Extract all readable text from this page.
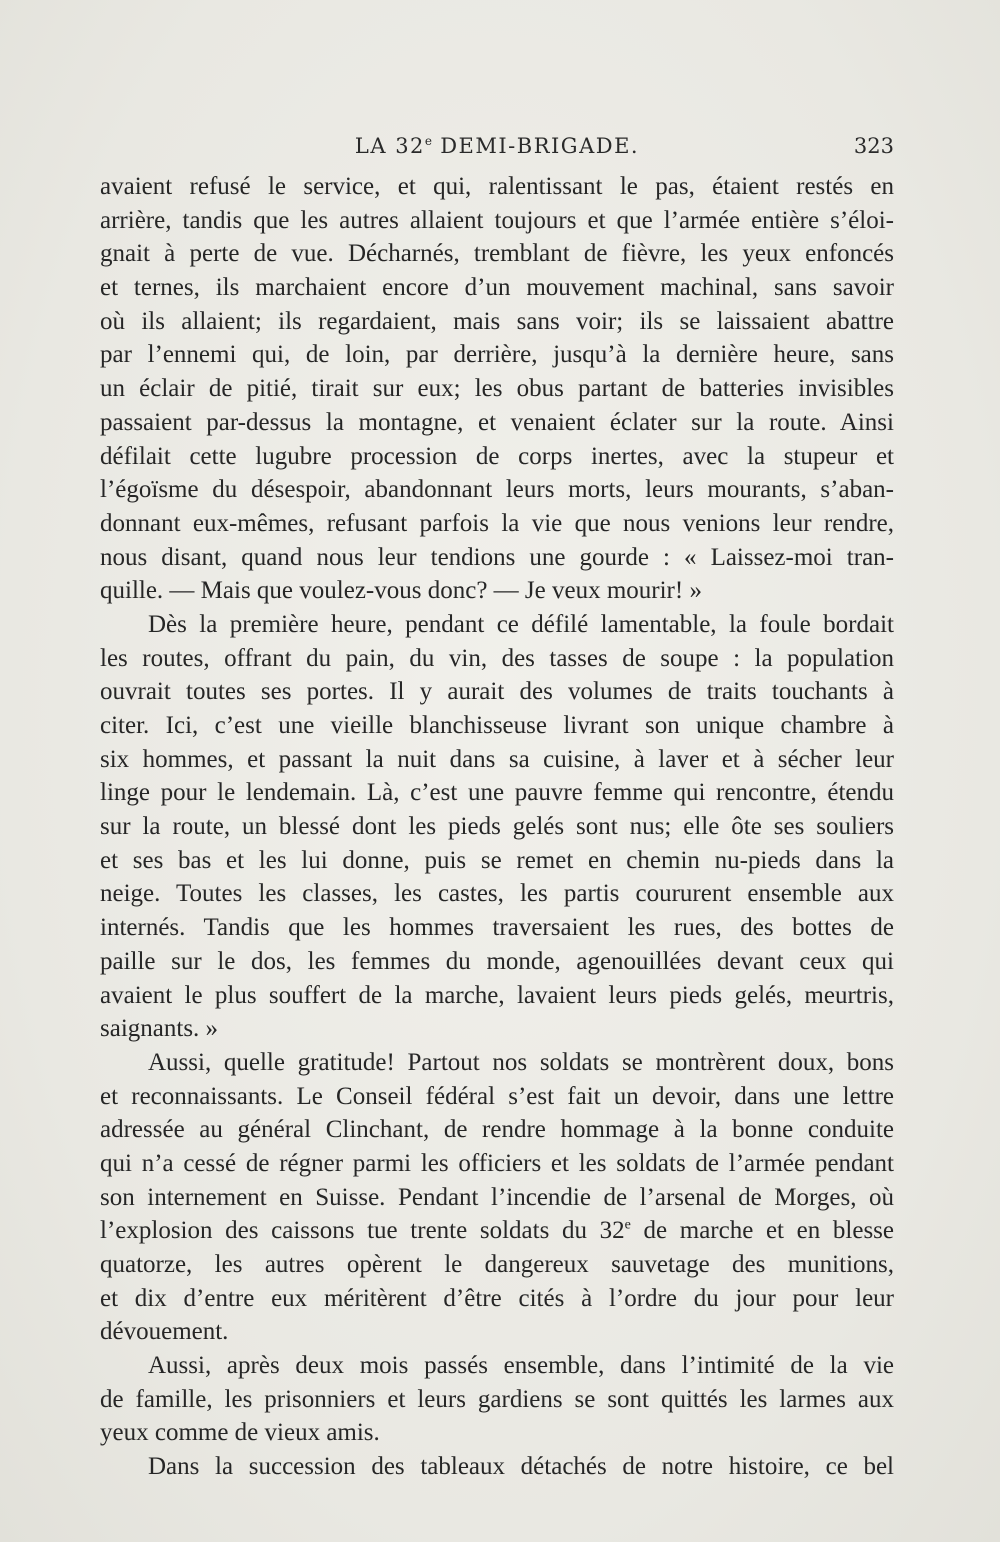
LA 32e DEMI-BRIGADE.	323
avaient refusé le service, et qui, ralentissant le pas, étaient restés en
arrière, tandis que les autres allaient toujours et que l’armée entière s’éloi-
gnait à perte de vue. Décharnés, tremblant de fièvre, les yeux enfoncés
et ternes, ils marchaient encore d’un mouvement machinal, sans savoir
où ils allaient; ils regardaient, mais sans voir; ils se laissaient abattre
par l’ennemi qui, de loin, par derrière, jusqu’à la dernière heure, sans
un éclair de pitié, tirait sur eux; les obus partant de batteries invisibles
passaient par-dessus la montagne, et venaient éclater sur la route. Ainsi
défilait cette lugubre procession de corps inertes, avec la stupeur et
l’égoïsme du désespoir, abandonnant leurs morts, leurs mourants, s’aban-
donnant eux-mêmes, refusant parfois la vie que nous venions leur rendre,
nous disant, quand nous leur tendions une gourde : « Laissez-moi tran-
quille. — Mais que voulez-vous donc? — Je veux mourir! »
Dès la première heure, pendant ce défilé lamentable, la foule bordait
les routes, offrant du pain, du vin, des tasses de soupe : la population
ouvrait toutes ses portes. Il y aurait des volumes de traits touchants à
citer. Ici, c’est une vieille blanchisseuse livrant son unique chambre à
six hommes, et passant la nuit dans sa cuisine, à laver et à sécher leur
linge pour le lendemain. Là, c’est une pauvre femme qui rencontre, étendu
sur la route, un blessé dont les pieds gelés sont nus; elle ôte ses souliers
et ses bas et les lui donne, puis se remet en chemin nu-pieds dans la
neige. Toutes les classes, les castes, les partis coururent ensemble aux
internés. Tandis que les hommes traversaient les rues, des bottes de
paille sur le dos, les femmes du monde, agenouillées devant ceux qui
avaient le plus souffert de la marche, lavaient leurs pieds gelés, meurtris,
saignants. »
Aussi, quelle gratitude! Partout nos soldats se montrèrent doux, bons
et reconnaissants. Le Conseil fédéral s’est fait un devoir, dans une lettre
adressée au général Clinchant, de rendre hommage à la bonne conduite
qui n’a cessé de régner parmi les officiers et les soldats de l’armée pendant
son internement en Suisse. Pendant l’incendie de l’arsenal de Morges, où
l’explosion des caissons tue trente soldats du 32e de marche et en blesse
quatorze, les autres opèrent le dangereux sauvetage des munitions,
et dix d’entre eux méritèrent d’être cités à l’ordre du jour pour leur
dévouement.
Aussi, après deux mois passés ensemble, dans l’intimité de la vie
de famille, les prisonniers et leurs gardiens se sont quittés les larmes aux
yeux comme de vieux amis.
Dans la succession des tableaux détachés de notre histoire, ce bel
